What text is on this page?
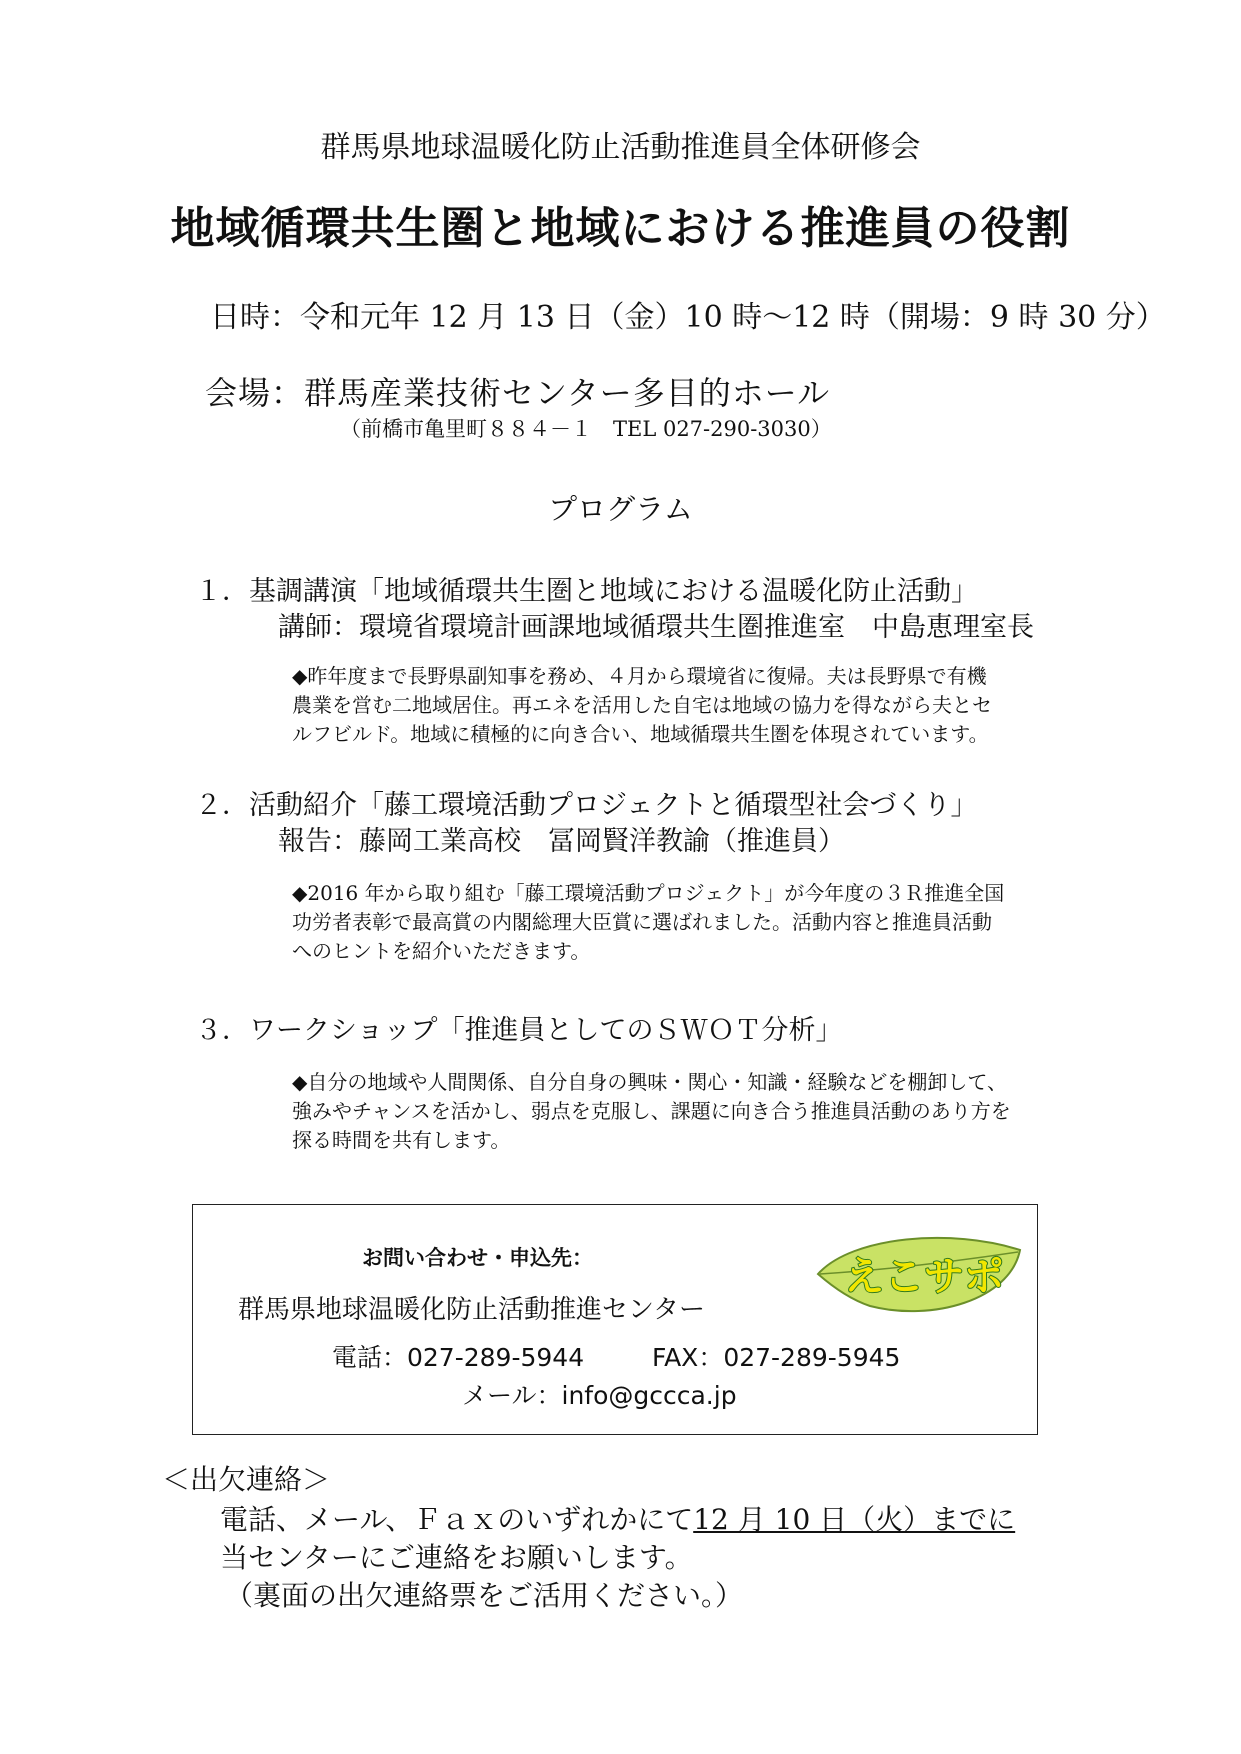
群馬県地球温暖化防止活動推進員全体研修会
地域循環共生圏と地域における推進員の役割
日時：令和元年 12 月 13 日（金）10 時～12 時（開場：9 時 30 分）
会場：群馬産業技術センター多目的ホール
（前橋市亀里町８８４－１　TEL 027-290-3030）
プログラム
１．基調講演「地域循環共生圏と地域における温暖化防止活動」
講師：環境省環境計画課地域循環共生圏推進室　中島恵理室長
◆昨年度まで長野県副知事を務め、４月から環境省に復帰。夫は長野県で有機
農業を営む二地域居住。再エネを活用した自宅は地域の協力を得ながら夫とセ
ルフビルド。地域に積極的に向き合い、地域循環共生圏を体現されています。
２．活動紹介「藤工環境活動プロジェクトと循環型社会づくり」
報告：藤岡工業高校　冨岡賢洋教諭（推進員）
◆2016 年から取り組む「藤工環境活動プロジェクト」が今年度の３Ｒ推進全国
功労者表彰で最高賞の内閣総理大臣賞に選ばれました。活動内容と推進員活動
へのヒントを紹介いただきます。
３．ワークショップ「推進員としてのＳＷＯＴ分析」
◆自分の地域や人間関係、自分自身の興味・関心・知識・経験などを棚卸して、
強みやチャンスを活かし、弱点を克服し、課題に向き合う推進員活動のあり方を
探る時間を共有します。
お問い合わせ・申込先：
群馬県地球温暖化防止活動推進センター
電話：027-289-5944	FAX：027-289-5945
メール：info@gccca.jp
えこサポ
＜出欠連絡＞
電話、メール、Ｆａｘのいずれかにて12 月 10 日（火）までに
当センターにご連絡をお願いします。
（裏面の出欠連絡票をご活用ください。）
